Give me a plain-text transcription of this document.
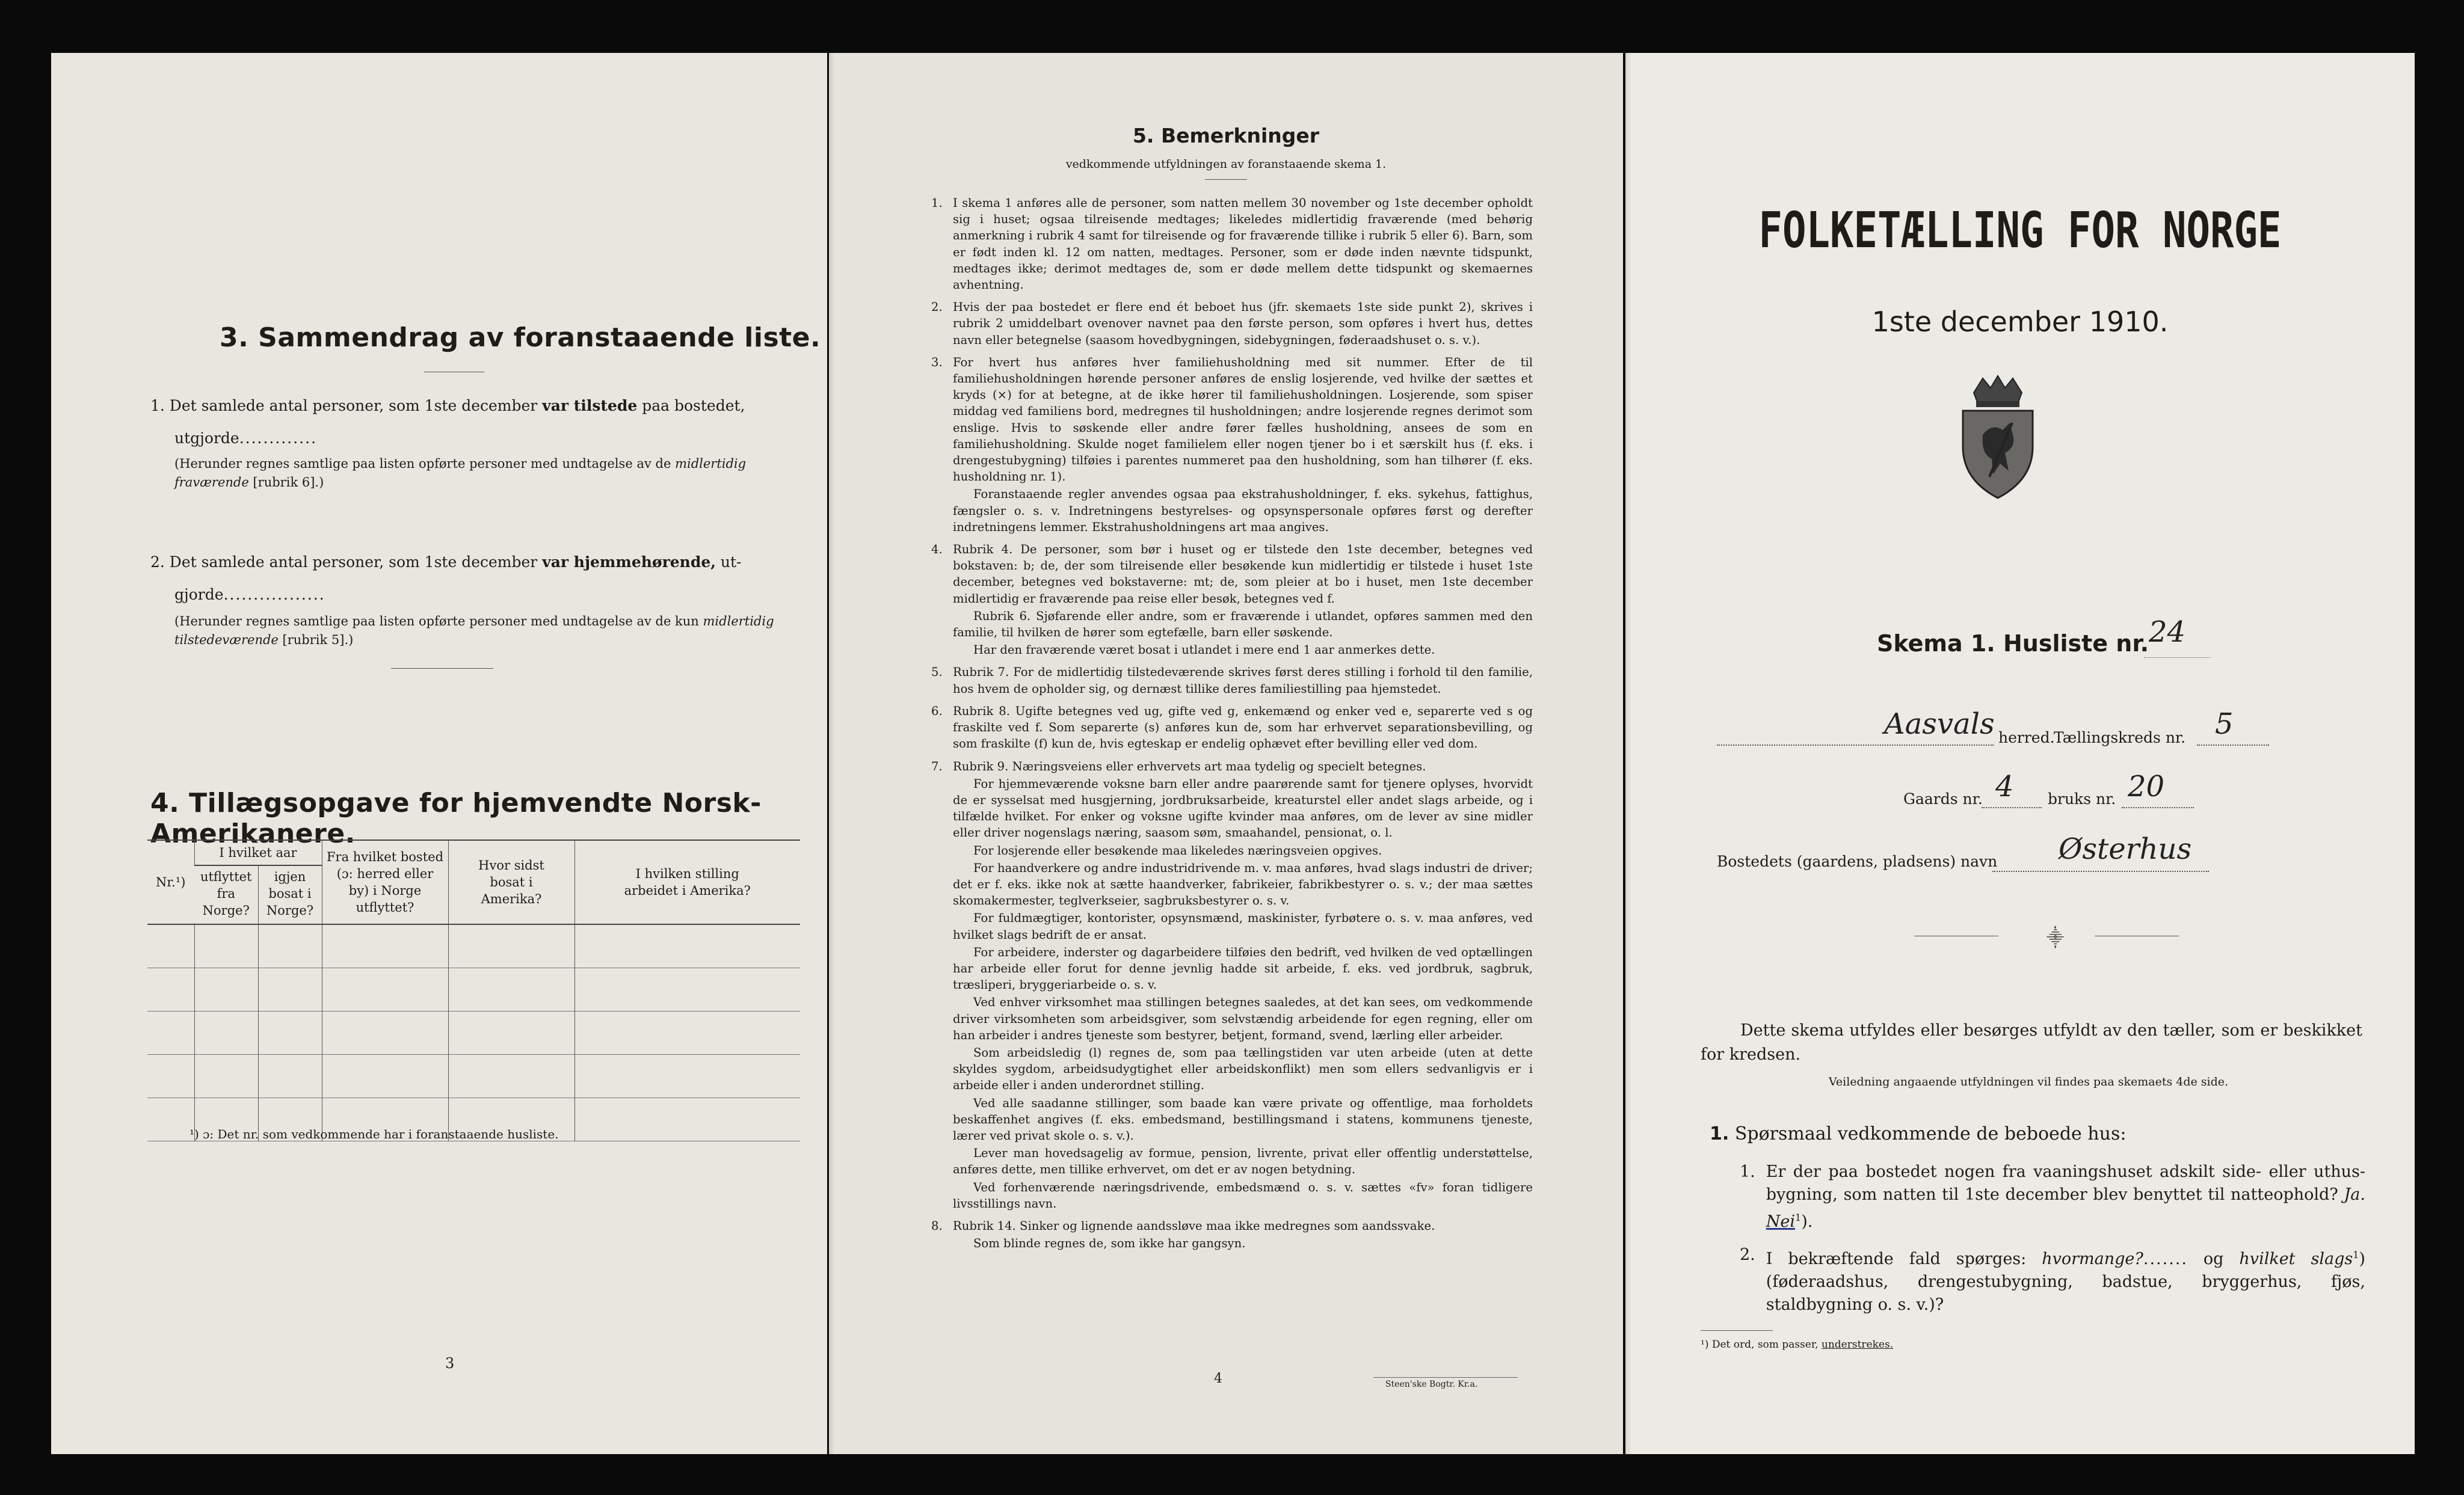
3. Sammendrag av foranstaaende liste.
1. Det samlede antal personer, som 1ste december var tilstede paa bostedet,
utgjorde.............
(Herunder regnes samtlige paa listen opførte personer med undtagelse av de midlertidig fraværende [rubrik 6].)
2. Det samlede antal personer, som 1ste december var hjemmehørende, ut-
gjorde.................
(Herunder regnes samtlige paa listen opførte personer med undtagelse av de kun midlertidig tilstedeværende [rubrik 5].)
4. Tillægsopgave for hjemvendte Norsk-Amerikanere.
Nr.¹)	I hvilket aar		Fra hvilket bosted (ɔ: herred eller by) i Norge utflyttet?	Hvor sidst bosat i Amerika?	I hvilken stilling arbeidet i Amerika?
	utflyttet fra Norge?	igjen bosat i Norge?			

¹) ɔ: Det nr. som vedkommende har i foranstaaende husliste.
3
5. Bemerkninger
vedkommende utfyldningen av foranstaaende skema 1.
1. I skema 1 anføres alle de personer, som natten mellem 30 november og 1ste december opholdt sig i huset; ogsaa tilreisende medtages; likeledes midlertidig fraværende (med behørig anmerkning i rubrik 4 samt for tilreisende og for fraværende tillike i rubrik 5 eller 6). Barn, som er født inden kl. 12 om natten, medtages. Personer, som er døde inden nævnte tidspunkt, medtages ikke; derimot medtages de, som er døde mellem dette tidspunkt og skemaernes avhentning.

2. Hvis der paa bostedet er flere end ét beboet hus (jfr. skemaets 1ste side punkt 2), skrives i rubrik 2 umiddelbart ovenover navnet paa den første person, som opføres i hvert hus, dettes navn eller betegnelse (saasom hovedbygningen, sidebygningen, føderaadshuset o. s. v.).

3. For hvert hus anføres hver familiehusholdning med sit nummer. Efter de til familiehusholdningen hørende personer anføres de enslig losjerende, ved hvilke der sættes et kryds (×) for at betegne, at de ikke hører til familiehusholdningen. Losjerende, som spiser middag ved familiens bord, medregnes til husholdningen; andre losjerende regnes derimot som enslige. Hvis to søskende eller andre fører fælles husholdning, ansees de som en familiehusholdning. Skulde noget familielem eller nogen tjener bo i et særskilt hus (f. eks. i drengestubygning) tilføies i parentes nummeret paa den husholdning, som han tilhører (f. eks. husholdning nr. 1).

Foranstaaende regler anvendes ogsaa paa ekstrahusholdninger, f. eks. sykehus, fattighus, fængsler o. s. v. Indretningens bestyrelses- og opsynspersonale opføres først og derefter indretningens lemmer. Ekstrahusholdningens art maa angives.

4. Rubrik 4. De personer, som bør i huset og er tilstede den 1ste december, betegnes ved bokstaven: b; de, der som tilreisende eller besøkende kun midlertidig er tilstede i huset 1ste december, betegnes ved bokstaverne: mt; de, som pleier at bo i huset, men 1ste december midlertidig er fraværende paa reise eller besøk, betegnes ved f.

Rubrik 6. Sjøfarende eller andre, som er fraværende i utlandet, opføres sammen med den familie, til hvilken de hører som egtefælle, barn eller søskende.

Har den fraværende været bosat i utlandet i mere end 1 aar anmerkes dette.

5. Rubrik 7. For de midlertidig tilstedeværende skrives først deres stilling i forhold til den familie, hos hvem de opholder sig, og dernæst tillike deres familiestilling paa hjemstedet.

6. Rubrik 8. Ugifte betegnes ved ug, gifte ved g, enkemænd og enker ved e, separerte ved s og fraskilte ved f. Som separerte (s) anføres kun de, som har erhvervet separationsbevilling, og som fraskilte (f) kun de, hvis egteskap er endelig ophævet efter bevilling eller ved dom.

7. Rubrik 9. Næringsveiens eller erhvervets art maa tydelig og specielt betegnes.

For hjemmeværende voksne barn eller andre paarørende samt for tjenere oplyses, hvorvidt de er sysselsat med husgjerning, jordbruksarbeide, kreaturstel eller andet slags arbeide, og i tilfælde hvilket. For enker og voksne ugifte kvinder maa anføres, om de lever av sine midler eller driver nogenslags næring, saasom søm, smaahandel, pensionat, o. l.

For losjerende eller besøkende maa likeledes næringsveien opgives.

For haandverkere og andre industridrivende m. v. maa anføres, hvad slags industri de driver; det er f. eks. ikke nok at sætte haandverker, fabrikeier, fabrikbestyrer o. s. v.; der maa sættes skomakermester, teglverkseier, sagbruksbestyrer o. s. v.

For fuldmægtiger, kontorister, opsynsmænd, maskinister, fyrbøtere o. s. v. maa anføres, ved hvilket slags bedrift de er ansat.

For arbeidere, inderster og dagarbeidere tilføies den bedrift, ved hvilken de ved optællingen har arbeide eller forut for denne jevnlig hadde sit arbeide, f. eks. ved jordbruk, sagbruk, træsliperi, bryggeriarbeide o. s. v.

Ved enhver virksomhet maa stillingen betegnes saaledes, at det kan sees, om vedkommende driver virksomheten som arbeidsgiver, som selvstændig arbeidende for egen regning, eller om han arbeider i andres tjeneste som bestyrer, betjent, formand, svend, lærling eller arbeider.

Som arbeidsledig (l) regnes de, som paa tællingstiden var uten arbeide (uten at dette skyldes sygdom, arbeidsudygtighet eller arbeidskonflikt) men som ellers sedvanligvis er i arbeide eller i anden underordnet stilling.

Ved alle saadanne stillinger, som baade kan være private og offentlige, maa forholdets beskaffenhet angives (f. eks. embedsmand, bestillingsmand i statens, kommunens tjeneste, lærer ved privat skole o. s. v.).

Lever man hovedsagelig av formue, pension, livrente, privat eller offentlig understøttelse, anføres dette, men tillike erhvervet, om det er av nogen betydning.

Ved forhenværende næringsdrivende, embedsmænd o. s. v. sættes «fv» foran tidligere livsstillings navn.

8. Rubrik 14. Sinker og lignende aandssløve maa ikke medregnes som aandssvake.

Som blinde regnes de, som ikke har gangsyn.

4	Steen'ske Bogtr. Kr.a.
FOLKETÆLLING FOR NORGE
1ste december 1910.
Skema 1. Husliste nr. 24
Aasvals herred.
Tællingskreds nr. 5
Gaards nr. 4 bruks nr. 20
Bostedets (gaardens, pladsens) navn Østerhus
⸎
Dette skema utfyldes eller besørges utfyldt av den tæller, som er beskikket for kredsen.
Veiledning angaaende utfyldningen vil findes paa skemaets 4de side.
1. Spørsmaal vedkommende de beboede hus:
1. Er der paa bostedet nogen fra vaaningshuset adskilt side- eller uthus-bygning, som natten til 1ste december blev benyttet til natteophold? Ja. Nei$^1$).
2. I bekræftende fald spørges: hvormange?....... og hvilket slags$^1$) (føderaadshus, drengestubygning, badstue, bryggerhus, fjøs, staldbygning o. s. v.)?
¹) Det ord, som passer, understrekes.
